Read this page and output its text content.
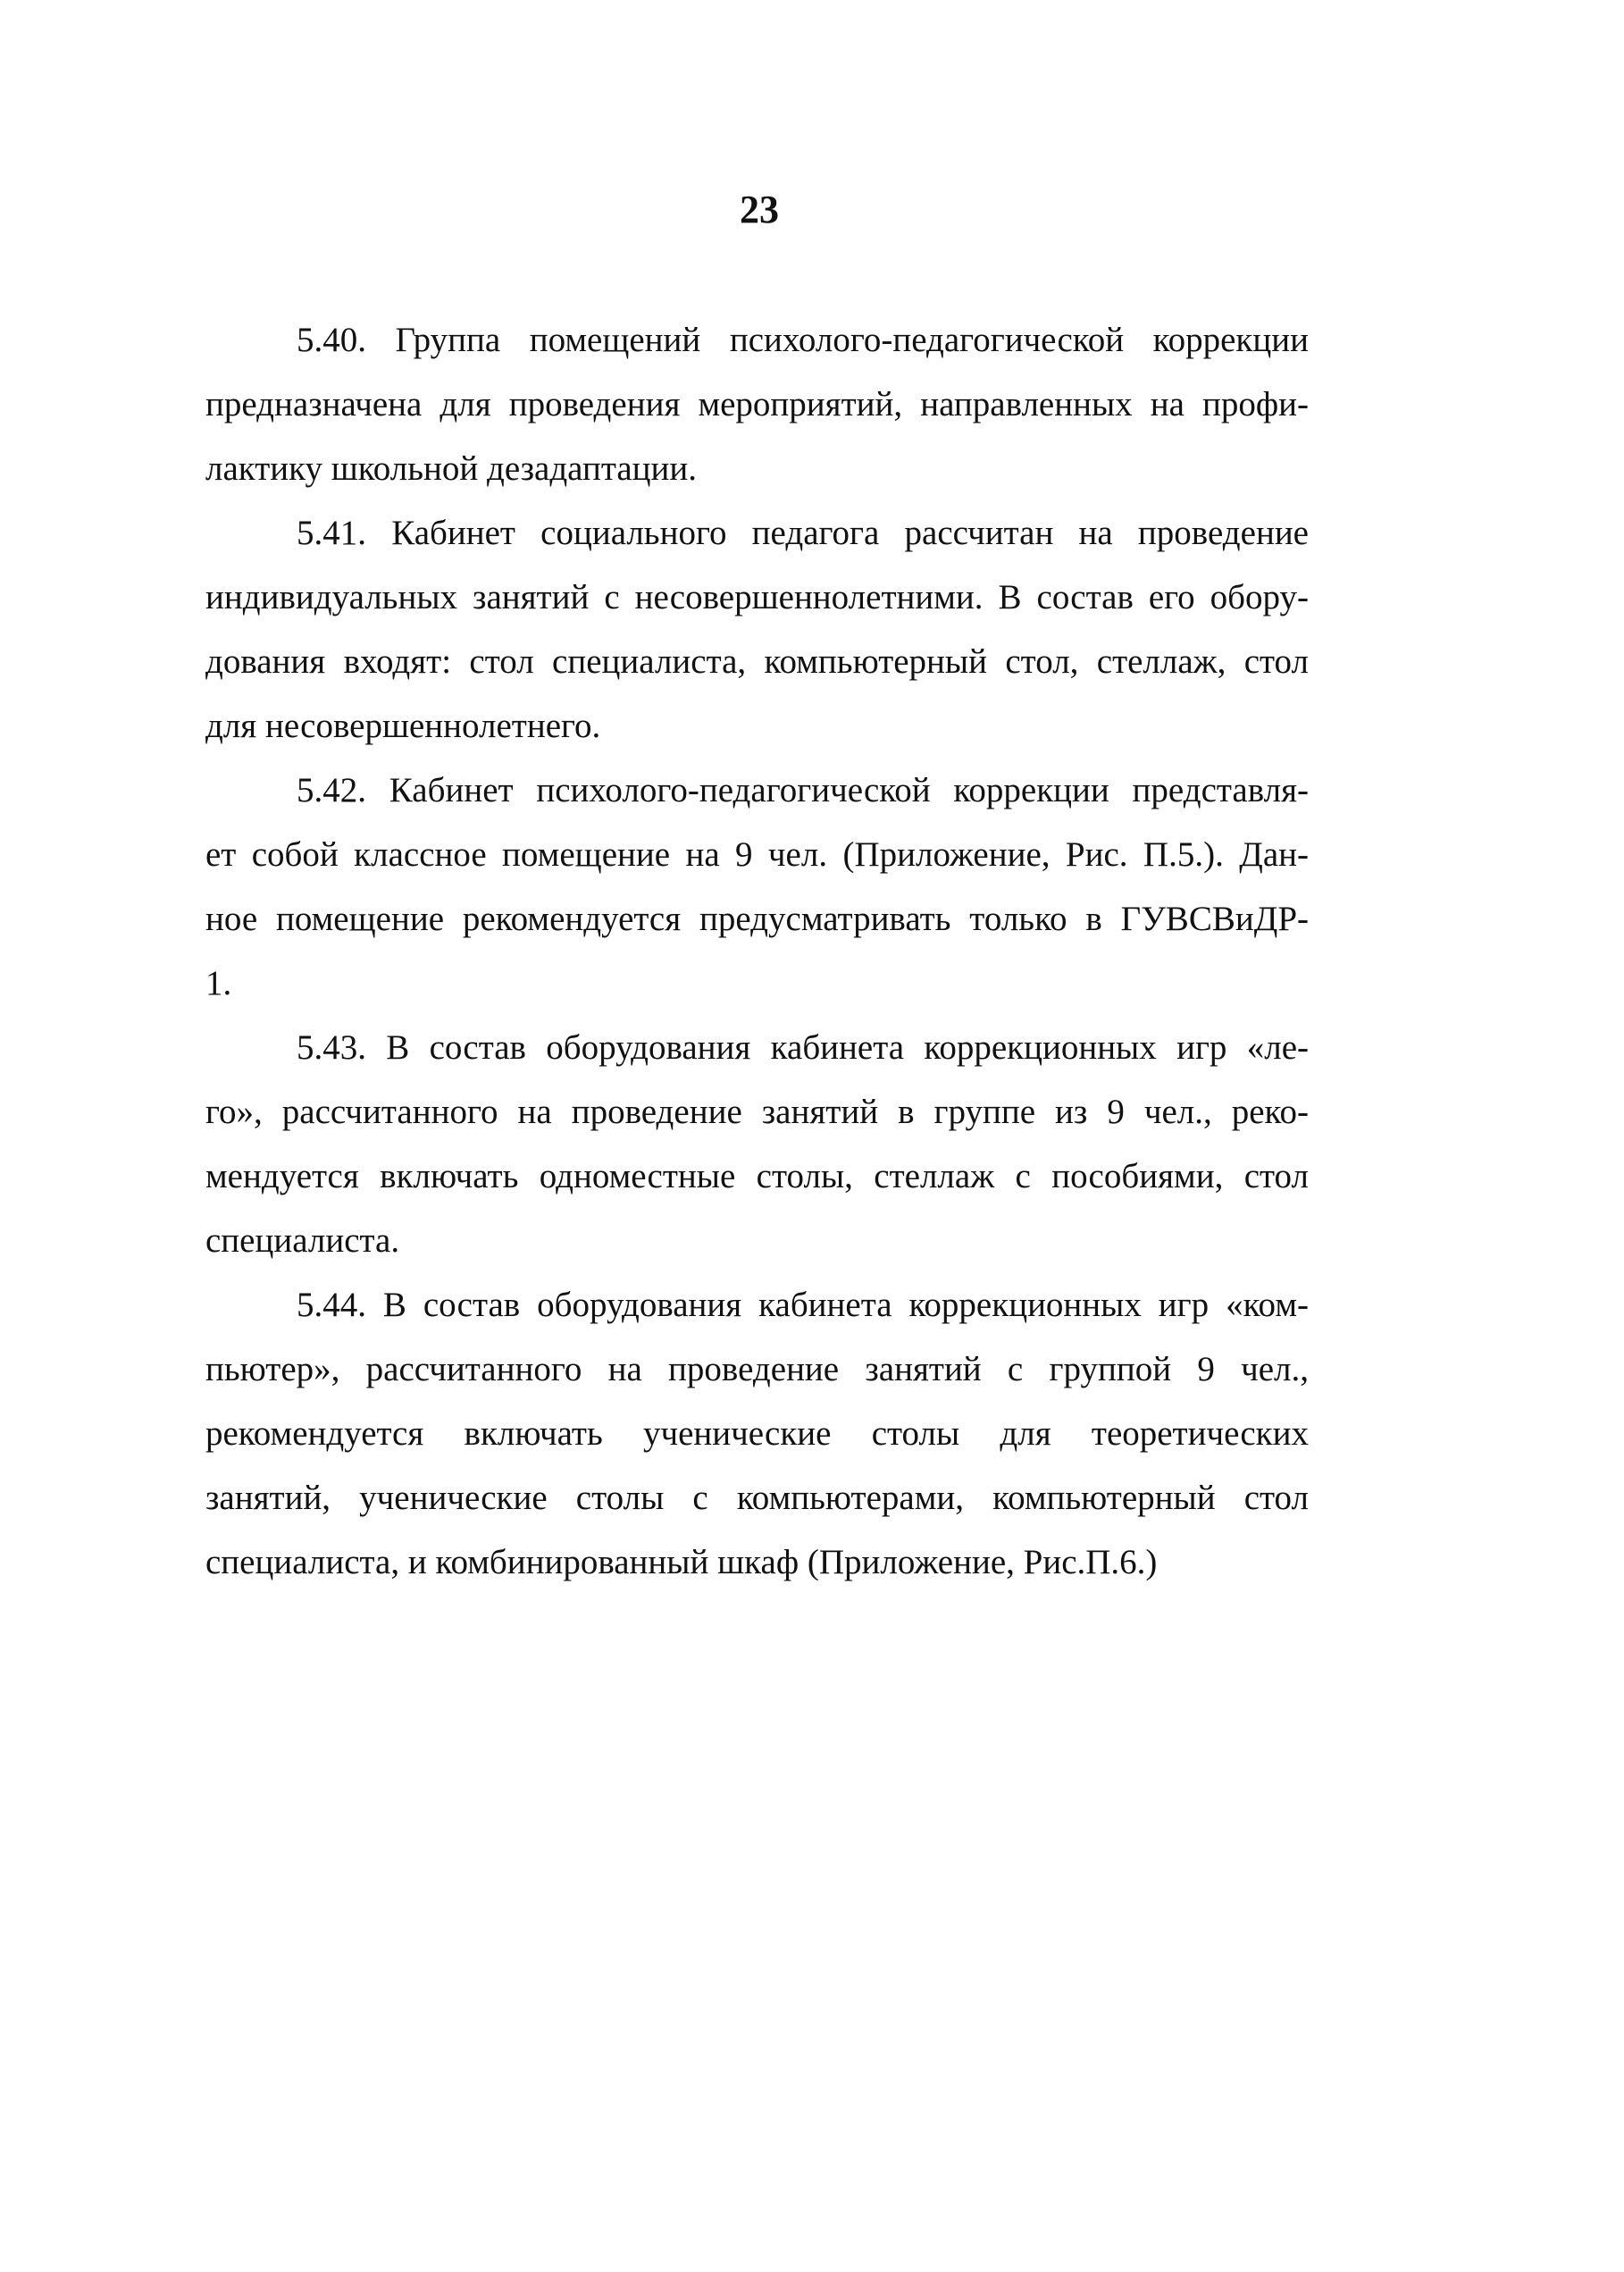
23
5.40. Группа помещений психолого-педагогической коррекции
предназначена для проведения мероприятий, направленных на профи-
лактику школьной дезадаптации.
5.41. Кабинет социального педагога рассчитан на проведение
индивидуальных занятий с несовершеннолетними. В состав его обору-
дования входят: стол специалиста, компьютерный стол, стеллаж, стол
для несовершеннолетнего.
5.42. Кабинет психолого-педагогической коррекции представля-
ет собой классное помещение на 9 чел. (Приложение, Рис. П.5.). Дан-
ное помещение рекомендуется предусматривать только в ГУВСВиДР-
1.
5.43. В состав оборудования кабинета коррекционных игр «ле-
го», рассчитанного на проведение занятий в группе из 9 чел., реко-
мендуется включать одноместные столы, стеллаж с пособиями, стол
специалиста.
5.44. В состав оборудования кабинета коррекционных игр «ком-
пьютер», рассчитанного на проведение занятий с группой 9 чел.,
рекомендуется включать ученические столы для теоретических
занятий, ученические столы с компьютерами, компьютерный стол
специалиста, и комбинированный шкаф (Приложение, Рис.П.6.)
